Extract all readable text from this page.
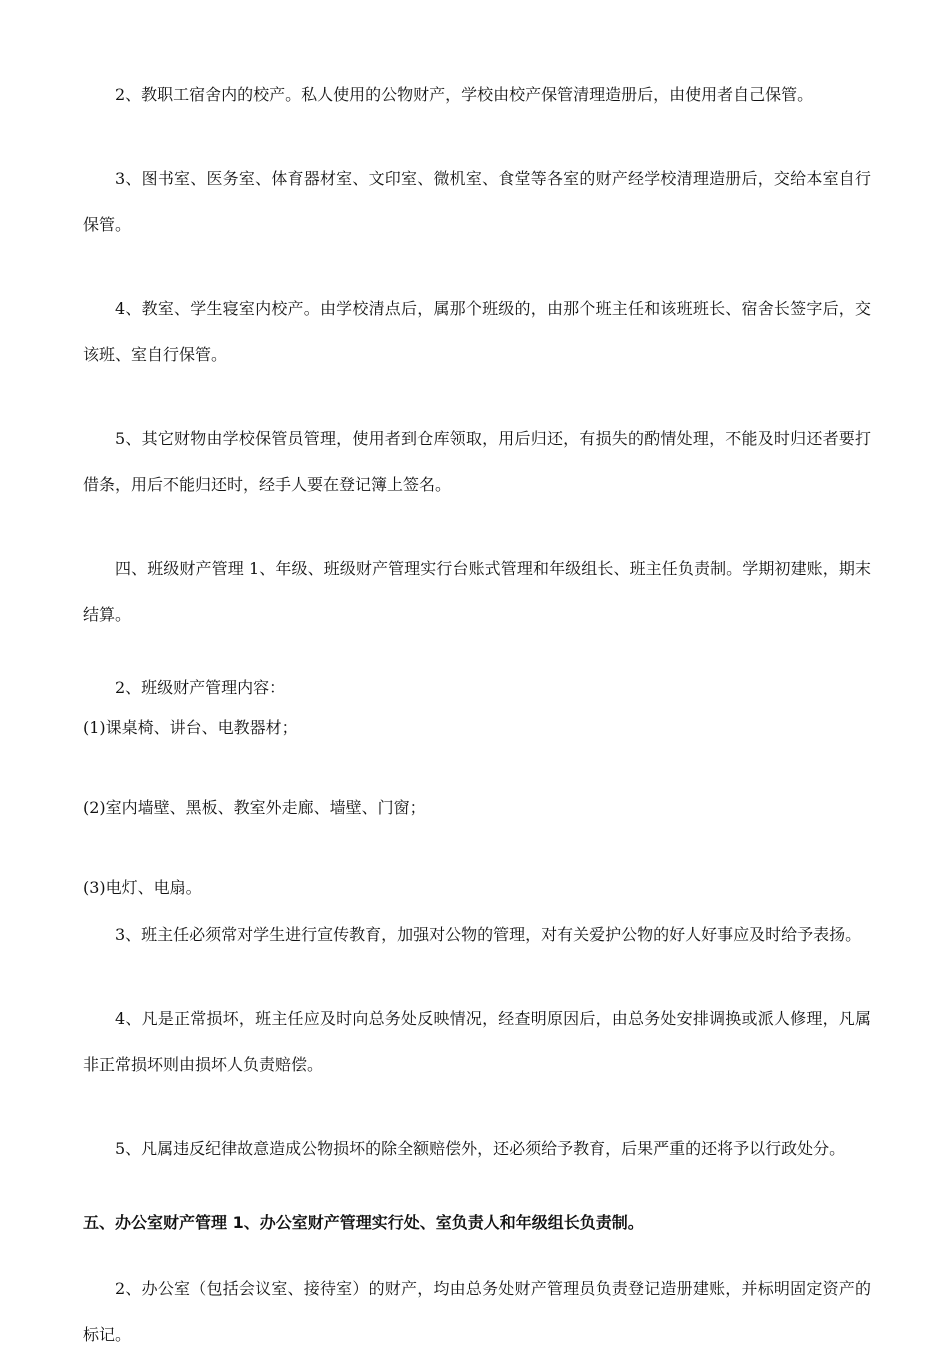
2、教职工宿舍内的校产。私人使用的公物财产，学校由校产保管清理造册后，由使用者自己保管。

3、图书室、医务室、体育器材室、文印室、微机室、食堂等各室的财产经学校清理造册后，交给本室自行保管。

4、教室、学生寝室内校产。由学校清点后，属那个班级的，由那个班主任和该班班长、宿舍长签字后，交该班、室自行保管。

5、其它财物由学校保管员管理，使用者到仓库领取，用后归还，有损失的酌情处理，不能及时归还者要打借条，用后不能归还时，经手人要在登记簿上签名。

四、班级财产管理 1、年级、班级财产管理实行台账式管理和年级组长、班主任负责制。学期初建账，期末结算。

2、班级财产管理内容：

(1)课桌椅、讲台、电教器材；

(2)室内墙壁、黑板、教室外走廊、墙壁、门窗；

(3)电灯、电扇。

3、班主任必须常对学生进行宣传教育，加强对公物的管理，对有关爱护公物的好人好事应及时给予表扬。

4、凡是正常损坏，班主任应及时向总务处反映情况，经查明原因后，由总务处安排调换或派人修理，凡属非正常损坏则由损坏人负责赔偿。

5、凡属违反纪律故意造成公物损坏的除全额赔偿外，还必须给予教育，后果严重的还将予以行政处分。

五、办公室财产管理 1、办公室财产管理实行处、室负责人和年级组长负责制。

2、办公室（包括会议室、接待室）的财产，均由总务处财产管理员负责登记造册建账，并标明固定资产的标记。
